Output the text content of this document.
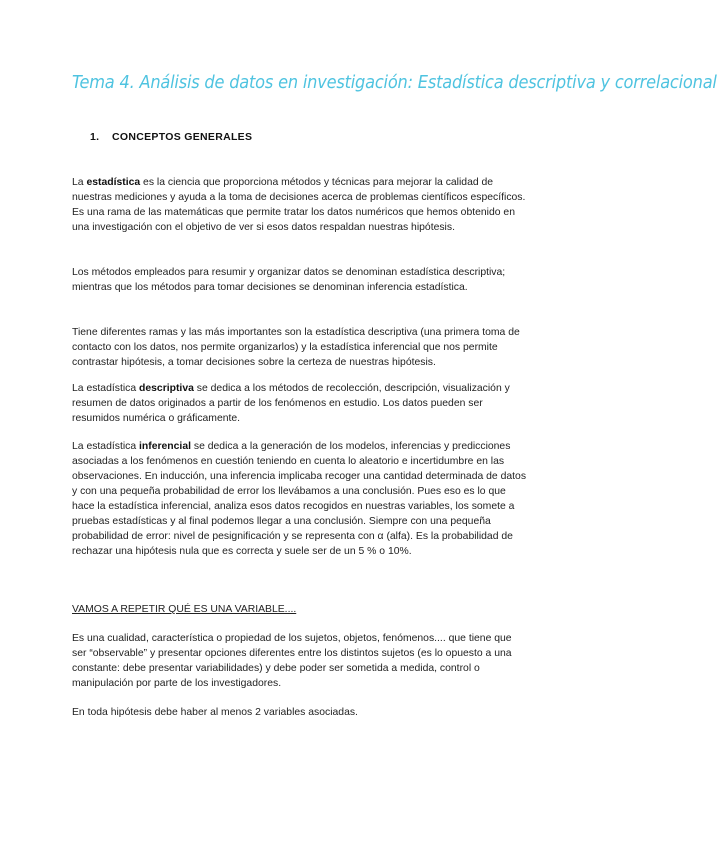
Tema 4. Análisis de datos en investigación: Estadística descriptiva y correlacional
1. CONCEPTOS GENERALES

La estadística es la ciencia que proporciona métodos y técnicas para mejorar la calidad de nuestras mediciones y ayuda a la toma de decisiones acerca de problemas científicos específicos. Es una rama de las matemáticas que permite tratar los datos numéricos que hemos obtenido en una investigación con el objetivo de ver si esos datos respaldan nuestras hipótesis.

Los métodos empleados para resumir y organizar datos se denominan estadística descriptiva; mientras que los métodos para tomar decisiones se denominan inferencia estadística.

Tiene diferentes ramas y las más importantes son la estadística descriptiva (una primera toma de contacto con los datos, nos permite organizarlos) y la estadística inferencial que nos permite contrastar hipótesis, a tomar decisiones sobre la certeza de nuestras hipótesis.

La estadística descriptiva se dedica a los métodos de recolección, descripción, visualización y resumen de datos originados a partir de los fenómenos en estudio. Los datos pueden ser resumidos numérica o gráficamente.

La estadística inferencial se dedica a la generación de los modelos, inferencias y predicciones asociadas a los fenómenos en cuestión teniendo en cuenta lo aleatorio e incertidumbre en las observaciones. En inducción, una inferencia implicaba recoger una cantidad determinada de datos y con una pequeña probabilidad de error los llevábamos a una conclusión. Pues eso es lo que hace la estadística inferencial, analiza esos datos recogidos en nuestras variables, los somete a pruebas estadísticas y al final podemos llegar a una conclusión. Siempre con una pequeña probabilidad de error: nivel de pesignificación y se representa con α (alfa). Es la probabilidad de rechazar una hipótesis nula que es correcta y suele ser de un 5 % o 10%.

VAMOS A REPETIR QUÉ ES UNA VARIABLE....

Es una cualidad, característica o propiedad de los sujetos, objetos, fenómenos.... que tiene que ser “observable” y presentar opciones diferentes entre los distintos sujetos (es lo opuesto a una constante: debe presentar variabilidades) y debe poder ser sometida a medida, control o manipulación por parte de los investigadores.

En toda hipótesis debe haber al menos 2 variables asociadas.
